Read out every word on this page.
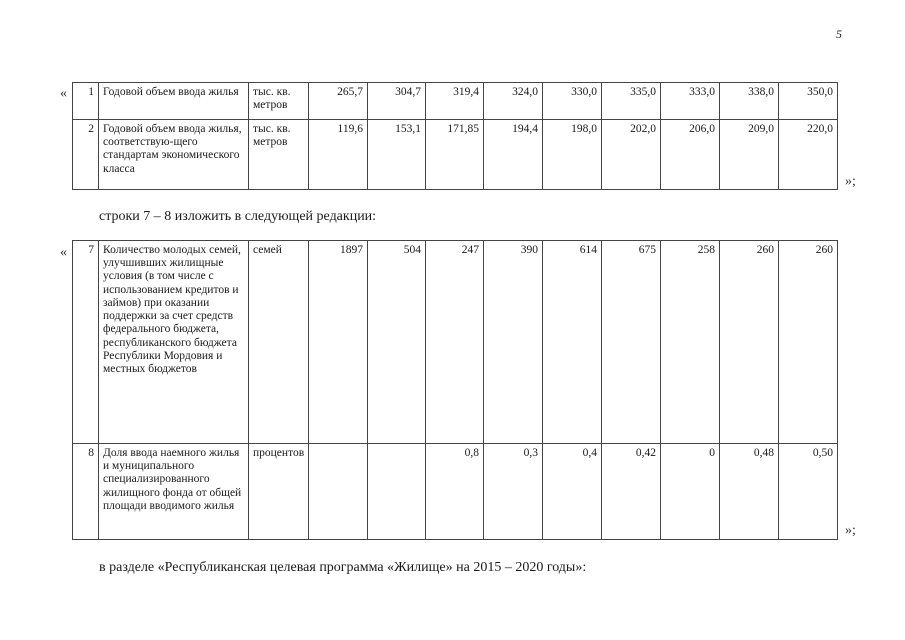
5
« 1	Годовой объем ввода жилья	тыс. кв. метров	265,7	304,7	319,4	324,0	330,0	335,0	333,0	338,0	350,0
2	Годовой объем ввода жилья, соответствую-щего стандартам экономического класса	тыс. кв. метров	119,6	153,1	171,85	194,4	198,0	202,0	206,0	209,0	220,0
»;
строки 7 – 8 изложить в следующей редакции:
« 7	Количество молодых семей, улучшивших жилищные условия (в том числе с использованием кредитов и займов) при оказании поддержки за счет средств федерального бюджета, республиканского бюджета Республики Мордовия и местных бюджетов	семей	1897	504	247	390	614	675	258	260	260
8	Доля ввода наемного жилья и муниципального специализированного жилищного фонда от общей площади вводимого жилья	процентов			0,8	0,3	0,4	0,42	0	0,48	0,50
»;
в разделе «Республиканская целевая программа «Жилище» на 2015 – 2020 годы»:
